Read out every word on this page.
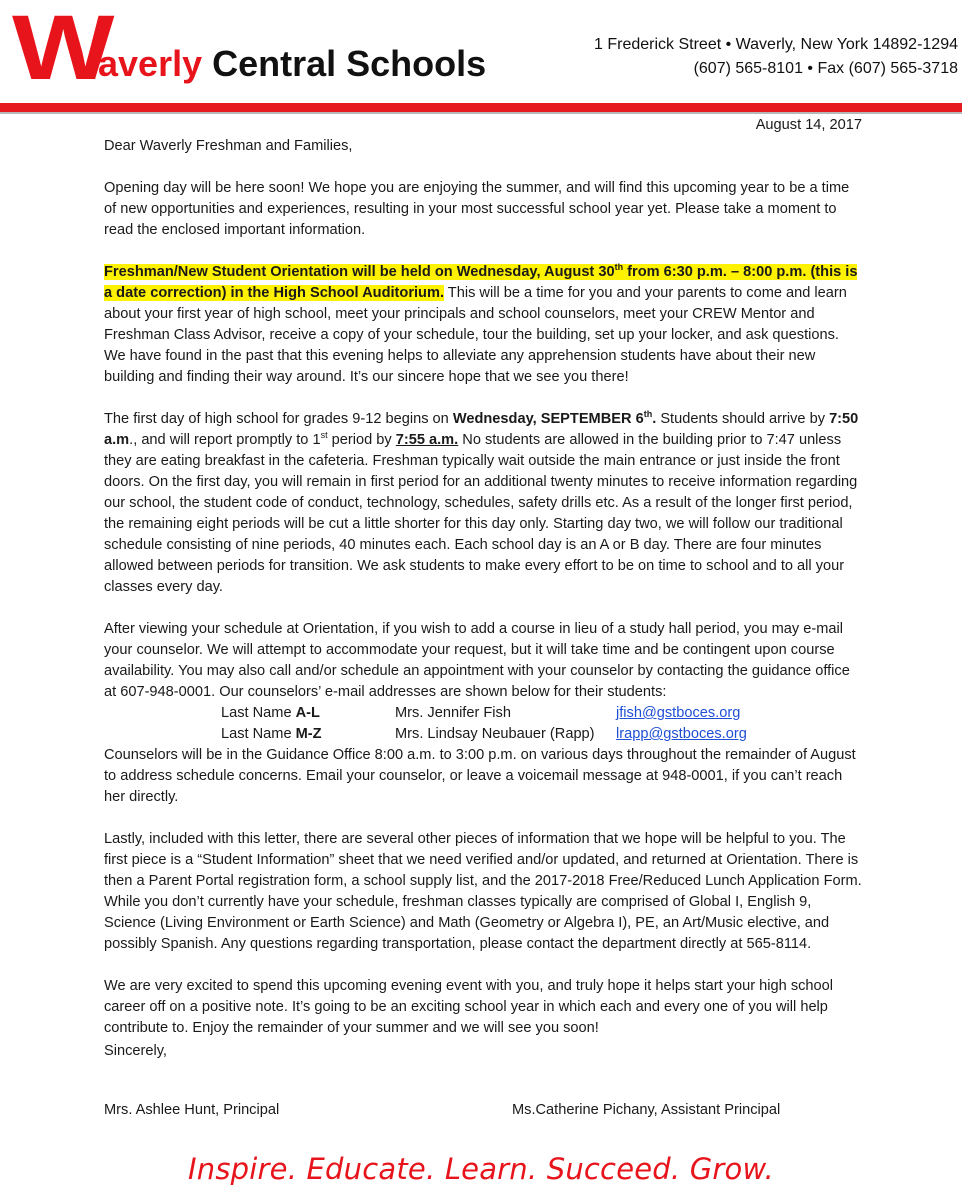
W
averly Central Schools	1 Frederick Street • Waverly, New York 14892-1294
(607) 565-8101 • Fax (607) 565-3718
August 14, 2017

Dear Waverly Freshman and Families,

Opening day will be here soon! We hope you are enjoying the summer, and will find this upcoming year to be a time of new opportunities and experiences, resulting in your most successful school year yet. Please take a moment to read the enclosed important information.

Freshman/New Student Orientation will be held on Wednesday, August 30th from 6:30 p.m. – 8:00 p.m. (this is a date correction) in the High School Auditorium. This will be a time for you and your parents to come and learn about your first year of high school, meet your principals and school counselors, meet your CREW Mentor and Freshman Class Advisor, receive a copy of your schedule, tour the building, set up your locker, and ask questions. We have found in the past that this evening helps to alleviate any apprehension students have about their new building and finding their way around. It’s our sincere hope that we see you there!

The first day of high school for grades 9-12 begins on Wednesday, SEPTEMBER 6th. Students should arrive by 7:50 a.m., and will report promptly to 1st period by 7:55 a.m. No students are allowed in the building prior to 7:47 unless they are eating breakfast in the cafeteria. Freshman typically wait outside the main entrance or just inside the front doors. On the first day, you will remain in first period for an additional twenty minutes to receive information regarding our school, the student code of conduct, technology, schedules, safety drills etc. As a result of the longer first period, the remaining eight periods will be cut a little shorter for this day only. Starting day two, we will follow our traditional schedule consisting of nine periods, 40 minutes each. Each school day is an A or B day. There are four minutes allowed between periods for transition. We ask students to make every effort to be on time to school and to all your classes every day.

After viewing your schedule at Orientation, if you wish to add a course in lieu of a study hall period, you may e-mail your counselor. We will attempt to accommodate your request, but it will take time and be contingent upon course availability. You may also call and/or schedule an appointment with your counselor by contacting the guidance office at 607-948-0001. Our counselors’ e-mail addresses are shown below for their students:

Last Name A-L	Mrs. Jennifer Fish	jfish@gstboces.org
Last Name M-Z	Mrs. Lindsay Neubauer (Rapp)	lrapp@gstboces.org

Counselors will be in the Guidance Office 8:00 a.m. to 3:00 p.m. on various days throughout the remainder of August to address schedule concerns. Email your counselor, or leave a voicemail message at 948-0001, if you can’t reach her directly.

Lastly, included with this letter, there are several other pieces of information that we hope will be helpful to you. The first piece is a “Student Information” sheet that we need verified and/or updated, and returned at Orientation. There is then a Parent Portal registration form, a school supply list, and the 2017-2018 Free/Reduced Lunch Application Form. While you don’t currently have your schedule, freshman classes typically are comprised of Global I, English 9, Science (Living Environment or Earth Science) and Math (Geometry or Algebra I), PE, an Art/Music elective, and possibly Spanish. Any questions regarding transportation, please contact the department directly at 565-8114.

We are very excited to spend this upcoming evening event with you, and truly hope it helps start your high school career off on a positive note. It’s going to be an exciting school year in which each and every one of you will help contribute to. Enjoy the remainder of your summer and we will see you soon!

Sincerely,
Mrs. Ashlee Hunt, Principal	Ms.Catherine Pichany, Assistant Principal
Inspire. Educate. Learn. Succeed. Grow.
